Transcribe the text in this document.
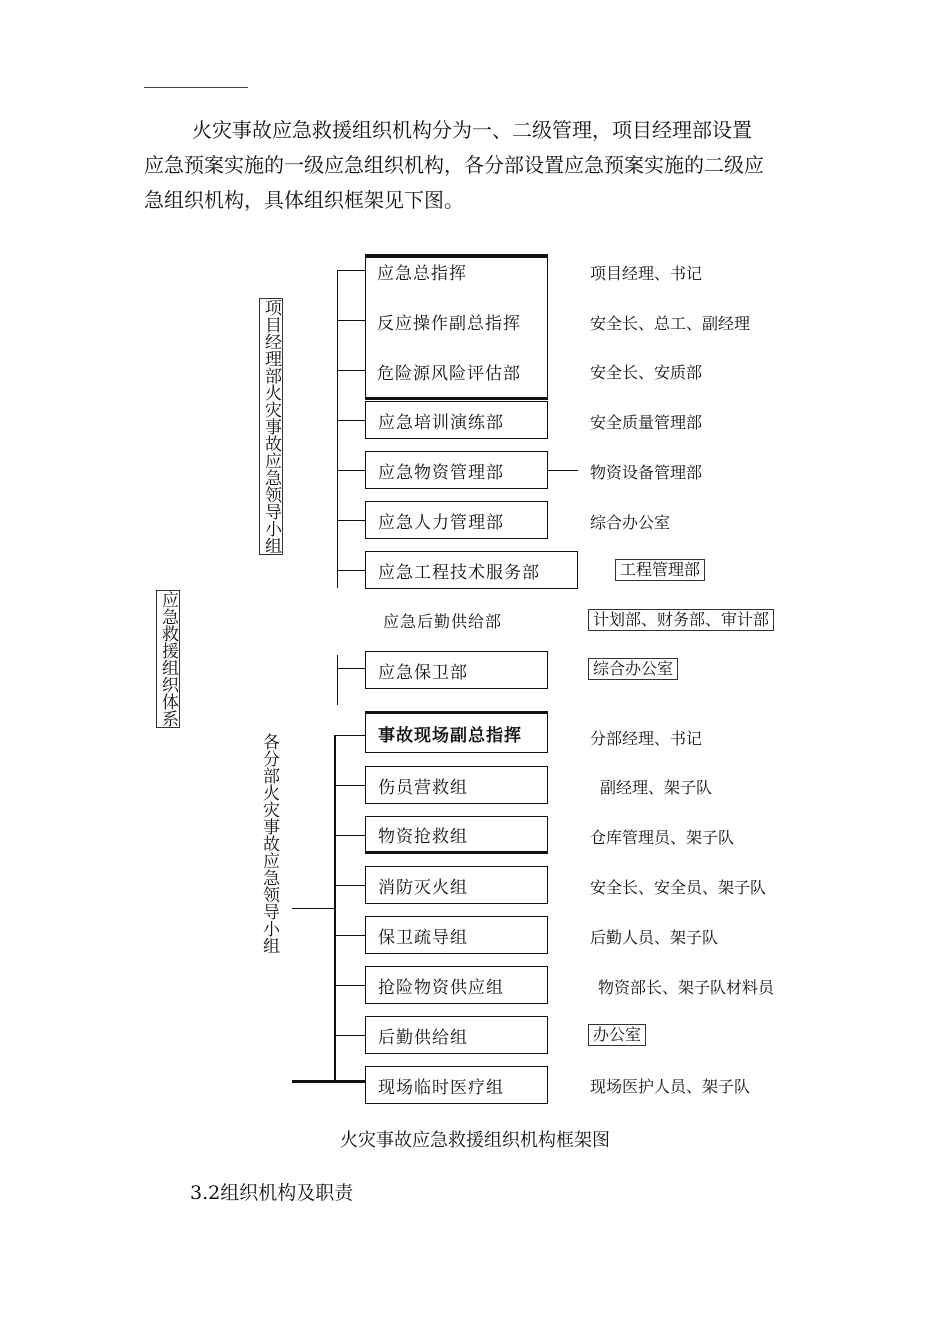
火灾事故应急救援组织机构分为一、二级管理，项目经理部设置

应急预案实施的一级应急组织机构，各分部设置应急预案实施的二级应

急组织机构，具体组织框架见下图。

应急救援组织体系
项目经理部火灾事故应急领导小组
各分部火灾事故应急领导小组
应急总指挥
反应操作副总指挥
危险源风险评估部
应急培训演练部
应急物资管理部
应急人力管理部
应急工程技术服务部
应急后勤供给部
应急保卫部
事故现场副总指挥
伤员营救组
物资抢救组
消防灭火组
保卫疏导组
抢险物资供应组
后勤供给组
现场临时医疗组
项目经理、书记
安全长、总工、副经理
安全长、安质部
安全质量管理部
物资设备管理部
综合办公室
工程管理部
计划部、财务部、审计部
综合办公室
分部经理、书记
副经理、架子队
仓库管理员、架子队
安全长、安全员、架子队
后勤人员、架子队
物资部长、架子队材料员
办公室
现场医护人员、架子队
火灾事故应急救援组织机构框架图
3.2组织机构及职责
